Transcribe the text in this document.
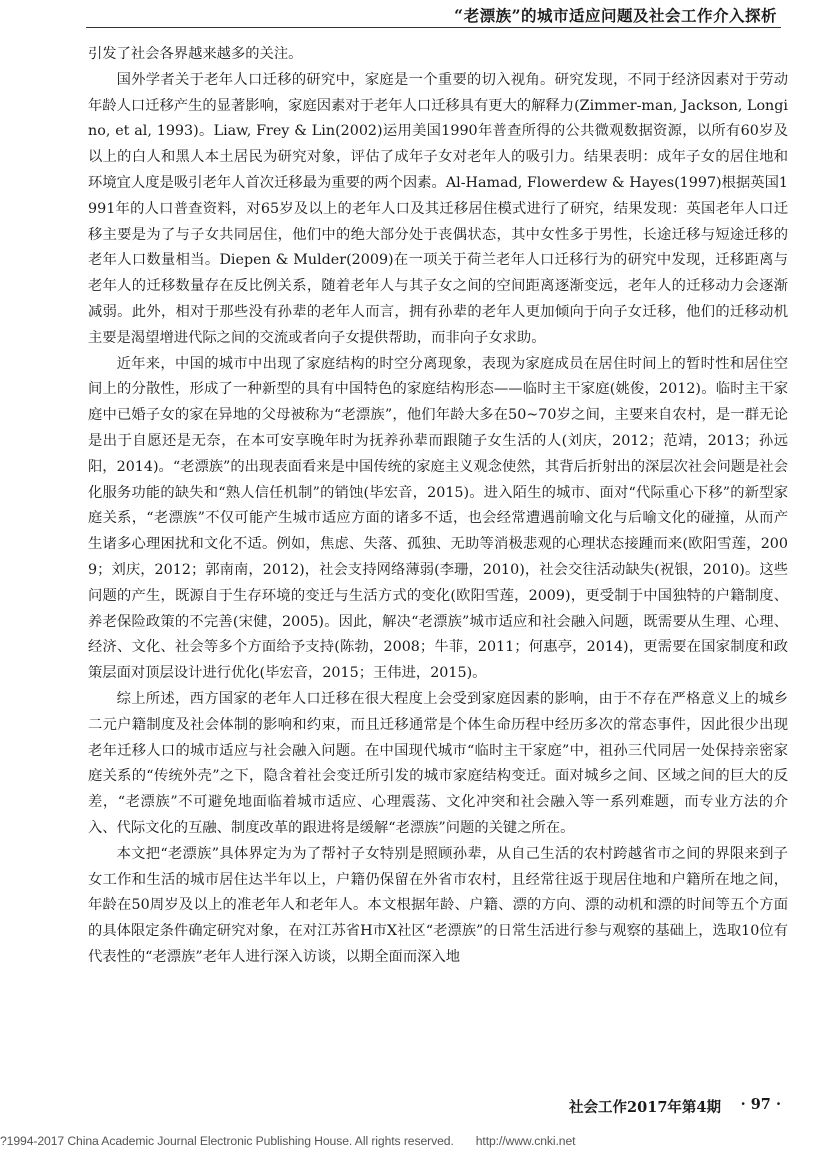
“老漂族”的城市适应问题及社会工作介入探析

引发了社会各界越来越多的关注。

国外学者关于老年人口迁移的研究中，家庭是一个重要的切入视角。研究发现，不同于经济因素对于劳动年龄人口迁移产生的显著影响，家庭因素对于老年人口迁移具有更大的解释力(Zimmer-man, Jackson, Longino, et al, 1993)。Liaw, Frey & Lin(2002)运用美国1990年普查所得的公共微观数据资源，以所有60岁及以上的白人和黑人本土居民为研究对象，评估了成年子女对老年人的吸引力。结果表明：成年子女的居住地和环境宜人度是吸引老年人首次迁移最为重要的两个因素。Al-Hamad, Flowerdew & Hayes(1997)根据英国1991年的人口普查资料，对65岁及以上的老年人口及其迁移居住模式进行了研究，结果发现：英国老年人口迁移主要是为了与子女共同居住，他们中的绝大部分处于丧偶状态，其中女性多于男性，长途迁移与短途迁移的老年人口数量相当。Diepen & Mulder(2009)在一项关于荷兰老年人口迁移行为的研究中发现，迁移距离与老年人的迁移数量存在反比例关系，随着老年人与其子女之间的空间距离逐渐变远，老年人的迁移动力会逐渐减弱。此外，相对于那些没有孙辈的老年人而言，拥有孙辈的老年人更加倾向于向子女迁移，他们的迁移动机主要是渴望增进代际之间的交流或者向子女提供帮助，而非向子女求助。

近年来，中国的城市中出现了家庭结构的时空分离现象，表现为家庭成员在居住时间上的暂时性和居住空间上的分散性，形成了一种新型的具有中国特色的家庭结构形态——临时主干家庭(姚俊，2012)。临时主干家庭中已婚子女的家在异地的父母被称为“老漂族”，他们年龄大多在50~70岁之间，主要来自农村，是一群无论是出于自愿还是无奈，在本可安享晚年时为抚养孙辈而跟随子女生活的人(刘庆，2012；范靖，2013；孙远阳，2014)。“老漂族”的出现表面看来是中国传统的家庭主义观念使然，其背后折射出的深层次社会问题是社会化服务功能的缺失和“熟人信任机制”的销蚀(毕宏音，2015)。进入陌生的城市、面对“代际重心下移”的新型家庭关系，“老漂族”不仅可能产生城市适应方面的诸多不适，也会经常遭遇前喻文化与后喻文化的碰撞，从而产生诸多心理困扰和文化不适。例如，焦虑、失落、孤独、无助等消极悲观的心理状态接踵而来(欧阳雪莲，2009；刘庆，2012；郭南南，2012)，社会支持网络薄弱(李珊，2010)，社会交往活动缺失(祝银，2010)。这些问题的产生，既源自于生存环境的变迁与生活方式的变化(欧阳雪莲，2009)，更受制于中国独特的户籍制度、养老保险政策的不完善(宋健，2005)。因此，解决“老漂族”城市适应和社会融入问题，既需要从生理、心理、经济、文化、社会等多个方面给予支持(陈勃，2008；牛菲，2011；何惠亭，2014)，更需要在国家制度和政策层面对顶层设计进行优化(毕宏音，2015；王伟进，2015)。

综上所述，西方国家的老年人口迁移在很大程度上会受到家庭因素的影响，由于不存在严格意义上的城乡二元户籍制度及社会体制的影响和约束，而且迁移通常是个体生命历程中经历多次的常态事件，因此很少出现老年迁移人口的城市适应与社会融入问题。在中国现代城市“临时主干家庭”中，祖孙三代同居一处保持亲密家庭关系的“传统外壳”之下，隐含着社会变迁所引发的城市家庭结构变迁。面对城乡之间、区域之间的巨大的反差，“老漂族”不可避免地面临着城市适应、心理震荡、文化冲突和社会融入等一系列难题，而专业方法的介入、代际文化的互融、制度改革的跟进将是缓解“老漂族”问题的关键之所在。

本文把“老漂族”具体界定为为了帮衬子女特别是照顾孙辈，从自己生活的农村跨越省市之间的界限来到子女工作和生活的城市居住达半年以上，户籍仍保留在外省市农村，且经常往返于现居住地和户籍所在地之间，年龄在50周岁及以上的准老年人和老年人。本文根据年龄、户籍、漂的方向、漂的动机和漂的时间等五个方面的具体限定条件确定研究对象，在对江苏省H市X社区“老漂族”的日常生活进行参与观察的基础上，选取10位有代表性的“老漂族”老年人进行深入访谈，以期全面而深入地

社会工作2017年第4期 · 97 ·
?1994-2017 China Academic Journal Electronic Publishing House. All rights reserved. http://www.cnki.net
